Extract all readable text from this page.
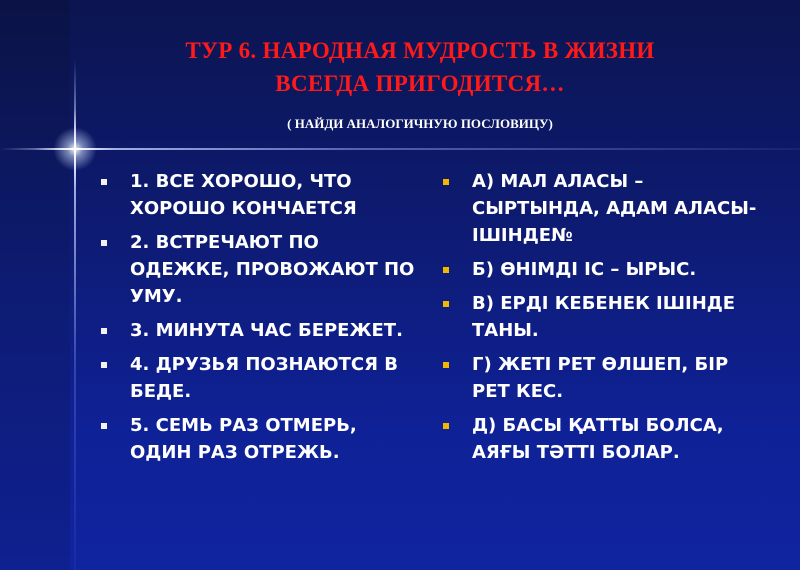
ТУР 6. НАРОДНАЯ МУДРОСТЬ В ЖИЗНИ
ВСЕГДА ПРИГОДИТСЯ…
( НАЙДИ АНАЛОГИЧНУЮ ПОСЛОВИЦУ)
1. ВСЕ ХОРОШО, ЧТО ХОРОШО КОНЧАЕТСЯ
2. ВСТРЕЧАЮТ ПО ОДЕЖКЕ, ПРОВОЖАЮТ ПО УМУ.
3. МИНУТА ЧАС БЕРЕЖЕТ.
4. ДРУЗЬЯ ПОЗНАЮТСЯ В БЕДЕ.
5. СЕМЬ РАЗ ОТМЕРЬ, ОДИН РАЗ ОТРЕЖЬ.
А) МАЛ АЛАСЫ – СЫРТЫНДА, АДАМ АЛАСЫ- ІШІНДЕ№
Б) ӨНІМДІ ІС – ЫРЫС.
В) ЕРДІ КЕБЕНЕК ІШІНДЕ ТАНЫ.
Г) ЖЕТІ РЕТ ӨЛШЕП, БІР РЕТ КЕС.
Д) БАСЫ ҚАТТЫ БОЛСА, АЯҒЫ ТӘТТІ БОЛАР.
